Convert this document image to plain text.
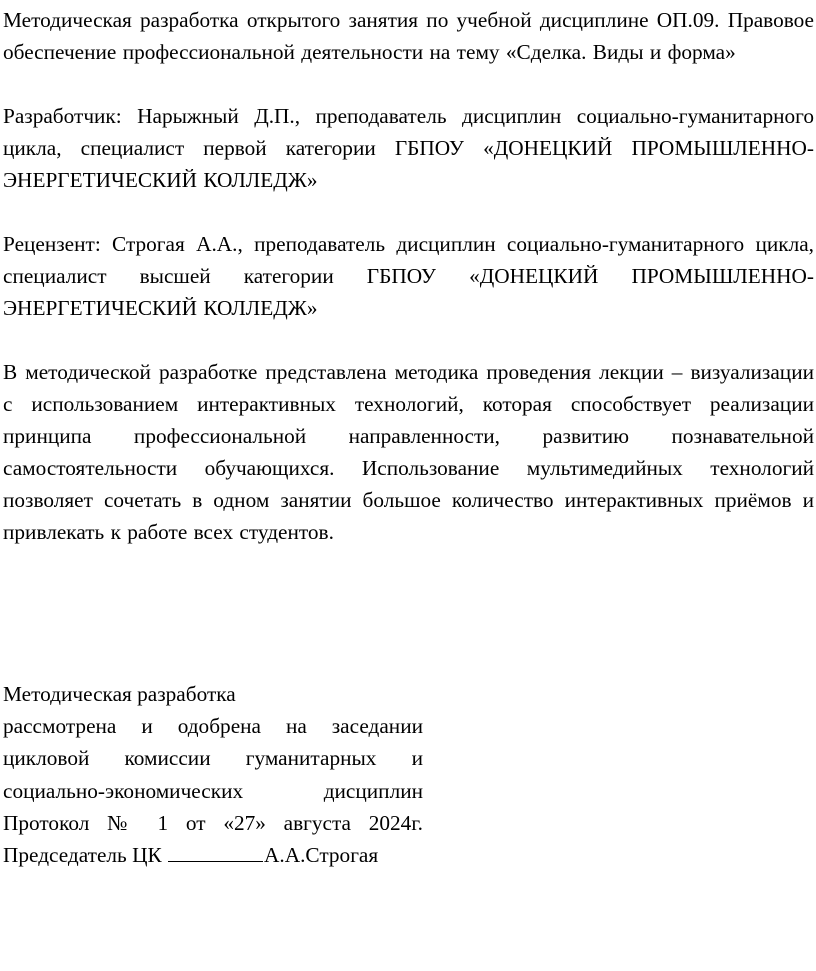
Методическая разработка открытого занятия по учебной дисциплине ОП.09. Правовое обеспечение профессиональной деятельности на тему «Сделка. Виды и форма»

Разработчик: Нарыжный Д.П., преподаватель дисциплин социально-гуманитарного цикла, специалист первой категории ГБПОУ «ДОНЕЦКИЙ ПРОМЫШЛЕННО-ЭНЕРГЕТИЧЕСКИЙ КОЛЛЕДЖ»

Рецензент: Строгая А.А., преподаватель дисциплин социально-гуманитарного цикла, специалист высшей категории ГБПОУ «ДОНЕЦКИЙ ПРОМЫШЛЕННО-ЭНЕРГЕТИЧЕСКИЙ КОЛЛЕДЖ»

В методической разработке представлена методика проведения лекции – визуализации с использованием интерактивных технологий, которая способствует реализации принципа профессиональной направленности, развитию познавательной самостоятельности обучающихся. Использование мультимедийных технологий позволяет сочетать в одном занятии большое количество интерактивных приёмов и привлекать к работе всех студентов.

Методическая разработка
рассмотрена и одобрена на заседании
цикловой комиссии гуманитарных и
социально-экономических дисциплин
Протокол № 1 от «27» августа 2024г.
Председатель ЦК	А.А.Строгая
